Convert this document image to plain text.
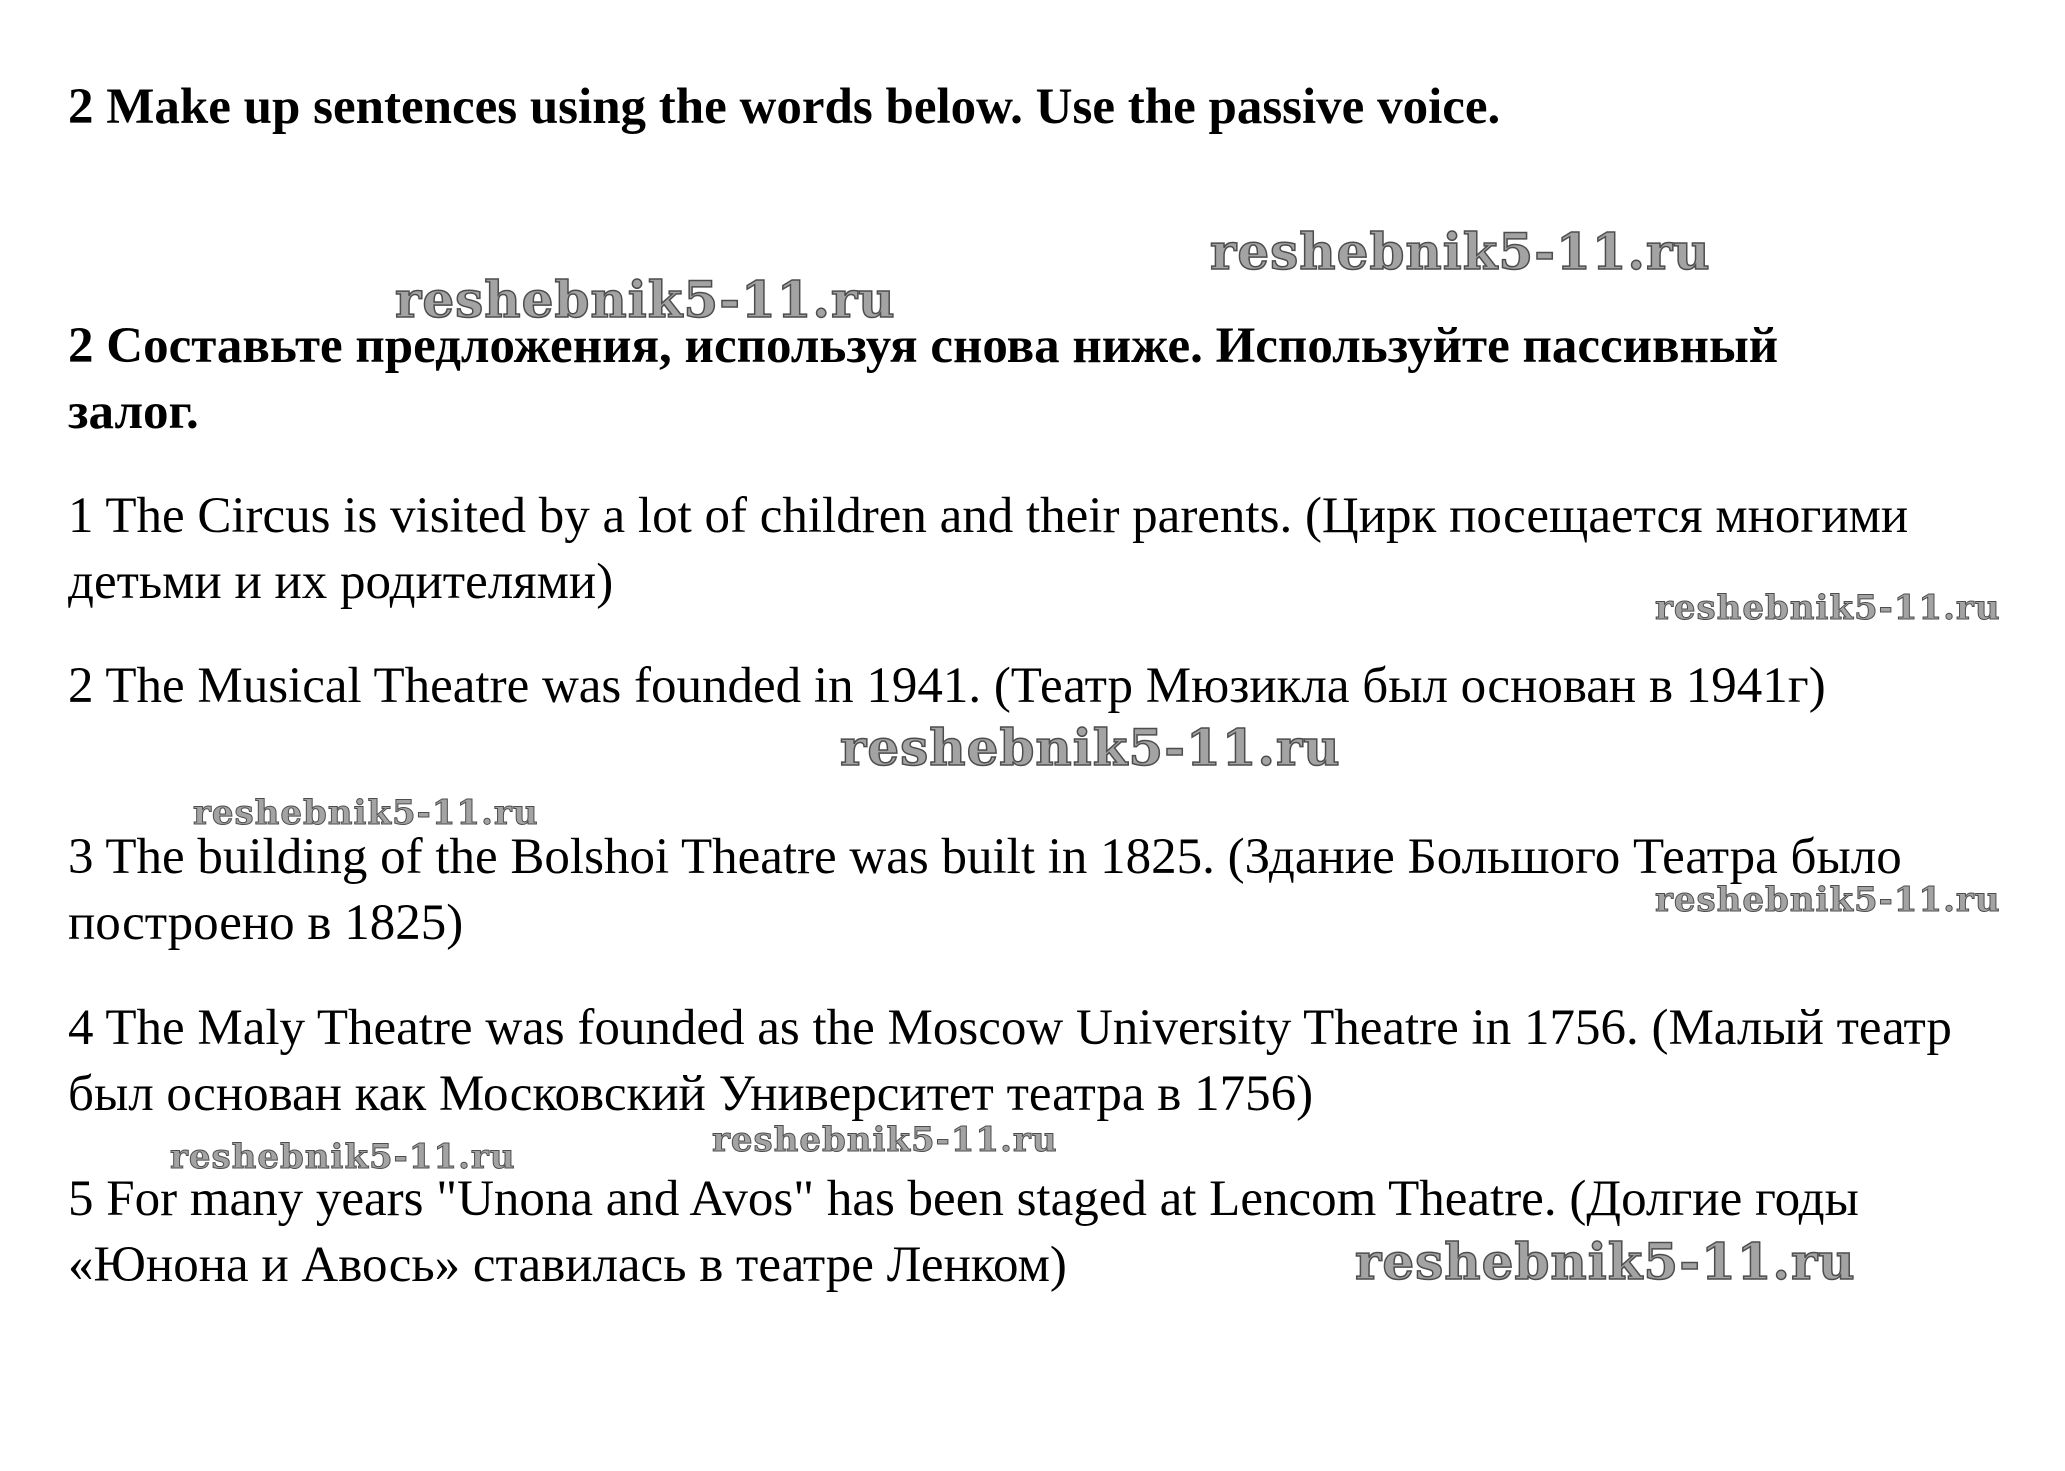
2 Make up sentences using the words below. Use the passive voice.

2 Составьте предложения, используя снова ниже. Используйте пассивный залог.

1 The Circus is visited by a lot of children and their parents. (Цирк посещается многими детьми и их родителями)

2 The Musical Theatre was founded in 1941. (Театр Мюзикла был основан в 1941г)

3 The building of the Bolshoi Theatre was built in 1825. (Здание Большого Театра было построено в 1825)

4 The Maly Theatre was founded as the Moscow University Theatre in 1756. (Малый театр был основан как Московский Университет театра в 1756)

5 For many years "Unona and Avos" has been staged at Lencom Theatre. (Долгие годы «Юнона и Авось» ставилась в театре Ленком)

reshebnik5-11.ru
reshebnik5-11.ru
reshebnik5-11.ru
reshebnik5-11.ru
reshebnik5-11.ru
reshebnik5-11.ru
reshebnik5-11.ru
reshebnik5-11.ru
reshebnik5-11.ru
